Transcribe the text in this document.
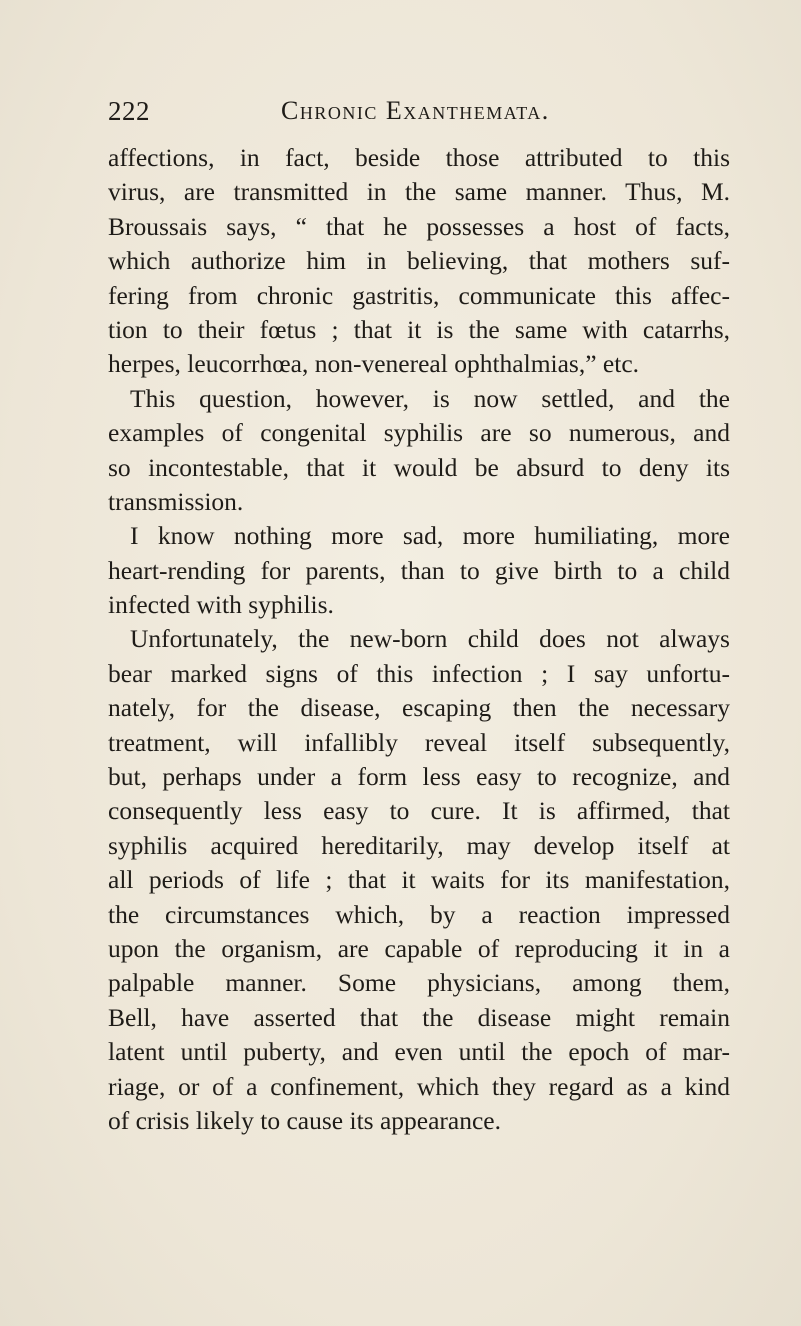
222	Chronic Exanthemata.
affections, in fact, beside those attributed to this
virus, are transmitted in the same manner. Thus, M.
Broussais says, “ that he possesses a host of facts,
which authorize him in believing, that mothers suf-
fering from chronic gastritis, communicate this affec-
tion to their fœtus ; that it is the same with catarrhs,
herpes, leucorrhœa, non-venereal ophthalmias,” etc.
This question, however, is now settled, and the
examples of congenital syphilis are so numerous, and
so incontestable, that it would be absurd to deny its
transmission.
I know nothing more sad, more humiliating, more
heart-rending for parents, than to give birth to a child
infected with syphilis.
Unfortunately, the new-born child does not always
bear marked signs of this infection ; I say unfortu-
nately, for the disease, escaping then the necessary
treatment, will infallibly reveal itself subsequently,
but, perhaps under a form less easy to recognize, and
consequently less easy to cure. It is affirmed, that
syphilis acquired hereditarily, may develop itself at
all periods of life ; that it waits for its manifestation,
the circumstances which, by a reaction impressed
upon the organism, are capable of reproducing it in a
palpable manner. Some physicians, among them,
Bell, have asserted that the disease might remain
latent until puberty, and even until the epoch of mar-
riage, or of a confinement, which they regard as a kind
of crisis likely to cause its appearance.
